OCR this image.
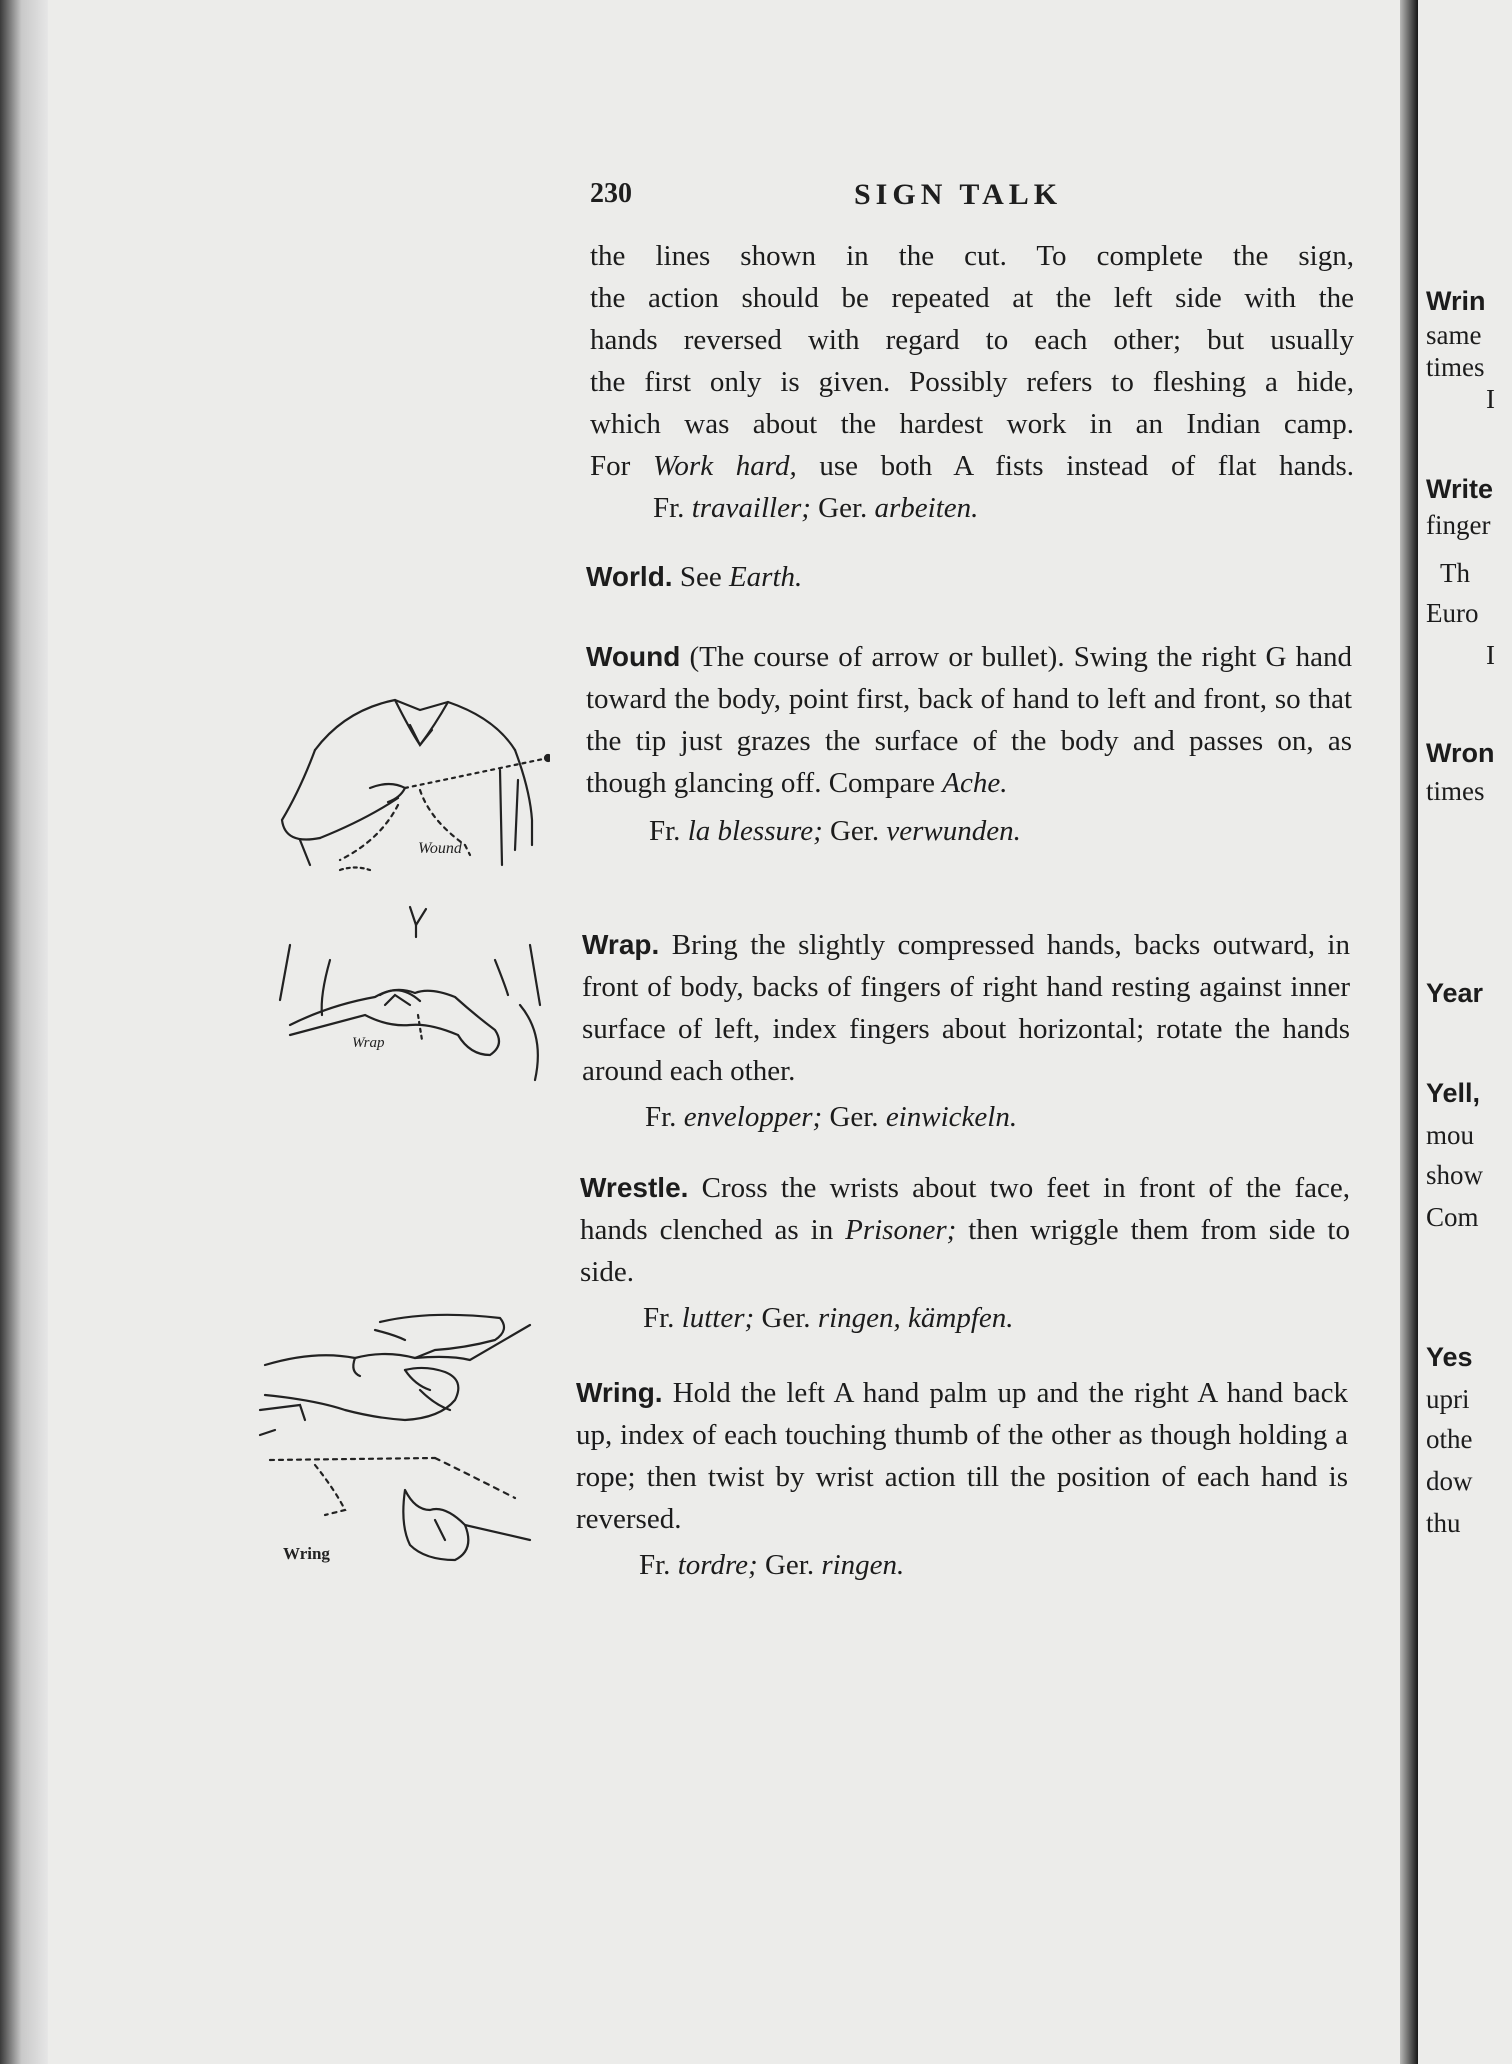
230	SIGN TALK
the lines shown in the cut. To complete the sign,
the action should be repeated at the left side with the
hands reversed with regard to each other; but usually
the first only is given. Possibly refers to fleshing a hide,
which was about the hardest work in an Indian camp.
For Work hard, use both A fists instead of flat hands.
Fr. travailler; Ger. arbeiten.
World. See Earth.

Wound (The course of arrow or bullet). Swing the right G hand toward the body, point first, back of hand to left and front, so that the tip just grazes the surface of the body and passes on, as though glancing off. Compare Ache.

Fr. la blessure; Ger. verwunden.

Wrap. Bring the slightly compressed hands, backs outward, in front of body, backs of fingers of right hand resting against inner surface of left, index fingers about horizontal; rotate the hands around each other.

Fr. envelopper; Ger. einwickeln.

Wrestle. Cross the wrists about two feet in front of the face, hands clenched as in Prisoner; then wriggle them from side to side.

Fr. lutter; Ger. ringen, kämpfen.

Wring. Hold the left A hand palm up and the right A hand back up, index of each touching thumb of the other as though holding a rope; then twist by wrist action till the position of each hand is reversed.

Fr. tordre; Ger. ringen.
Wound
Wrap
Wring
Wrin
same
times
I
Write
finger
Th
Euro
I
Wron
times
Year
Yell,
mou
show
Com
Yes
upri
othe
dow
thu
